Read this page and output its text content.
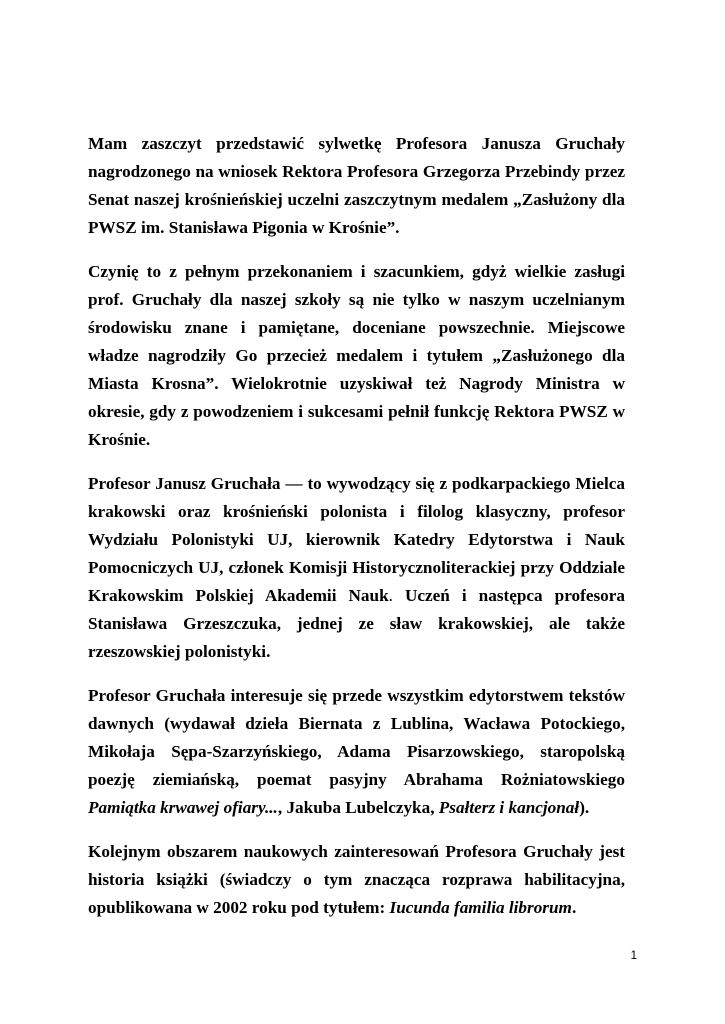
Mam zaszczyt przedstawić sylwetkę Profesora Janusza Gruchały nagrodzonego na wniosek Rektora Profesora Grzegorza Przebindy przez Senat naszej krośnieńskiej uczelni zaszczytnym medalem „Zasłużony dla PWSZ im. Stanisława Pigonia w Krośnie”.

Czynię to z pełnym przekonaniem i szacunkiem, gdyż wielkie zasługi prof. Gruchały dla naszej szkoły są nie tylko w naszym uczelnianym środowisku znane i pamiętane, doceniane powszechnie. Miejscowe władze nagrodziły Go przecież medalem i tytułem „Zasłużonego dla Miasta Krosna”. Wielokrotnie uzyskiwał też Nagrody Ministra w okresie, gdy z powodzeniem i sukcesami pełnił funkcję Rektora PWSZ w Krośnie.

Profesor Janusz Gruchała — to wywodzący się z podkarpackiego Mielca krakowski oraz krośnieński polonista i filolog klasyczny, profesor Wydziału Polonistyki UJ, kierownik Katedry Edytorstwa i Nauk Pomocniczych UJ, członek Komisji Historycznoliterackiej przy Oddziale Krakowskim Polskiej Akademii Nauk. Uczeń i następca profesora Stanisława Grzeszczuka, jednej ze sław krakowskiej, ale także rzeszowskiej polonistyki.

Profesor Gruchała interesuje się przede wszystkim edytorstwem tekstów dawnych (wydawał dzieła Biernata z Lublina, Wacława Potockiego, Mikołaja Sępa-Szarzyńskiego, Adama Pisarzowskiego, staropolską poezję ziemiańską, poemat pasyjny Abrahama Rożniatowskiego Pamiątka krwawej ofiary..., Jakuba Lubelczyka, Psałterz i kancjonał).

Kolejnym obszarem naukowych zainteresowań Profesora Gruchały jest historia książki (świadczy o tym znacząca rozprawa habilitacyjna, opublikowana w 2002 roku pod tytułem: Iucunda familia librorum.

1
